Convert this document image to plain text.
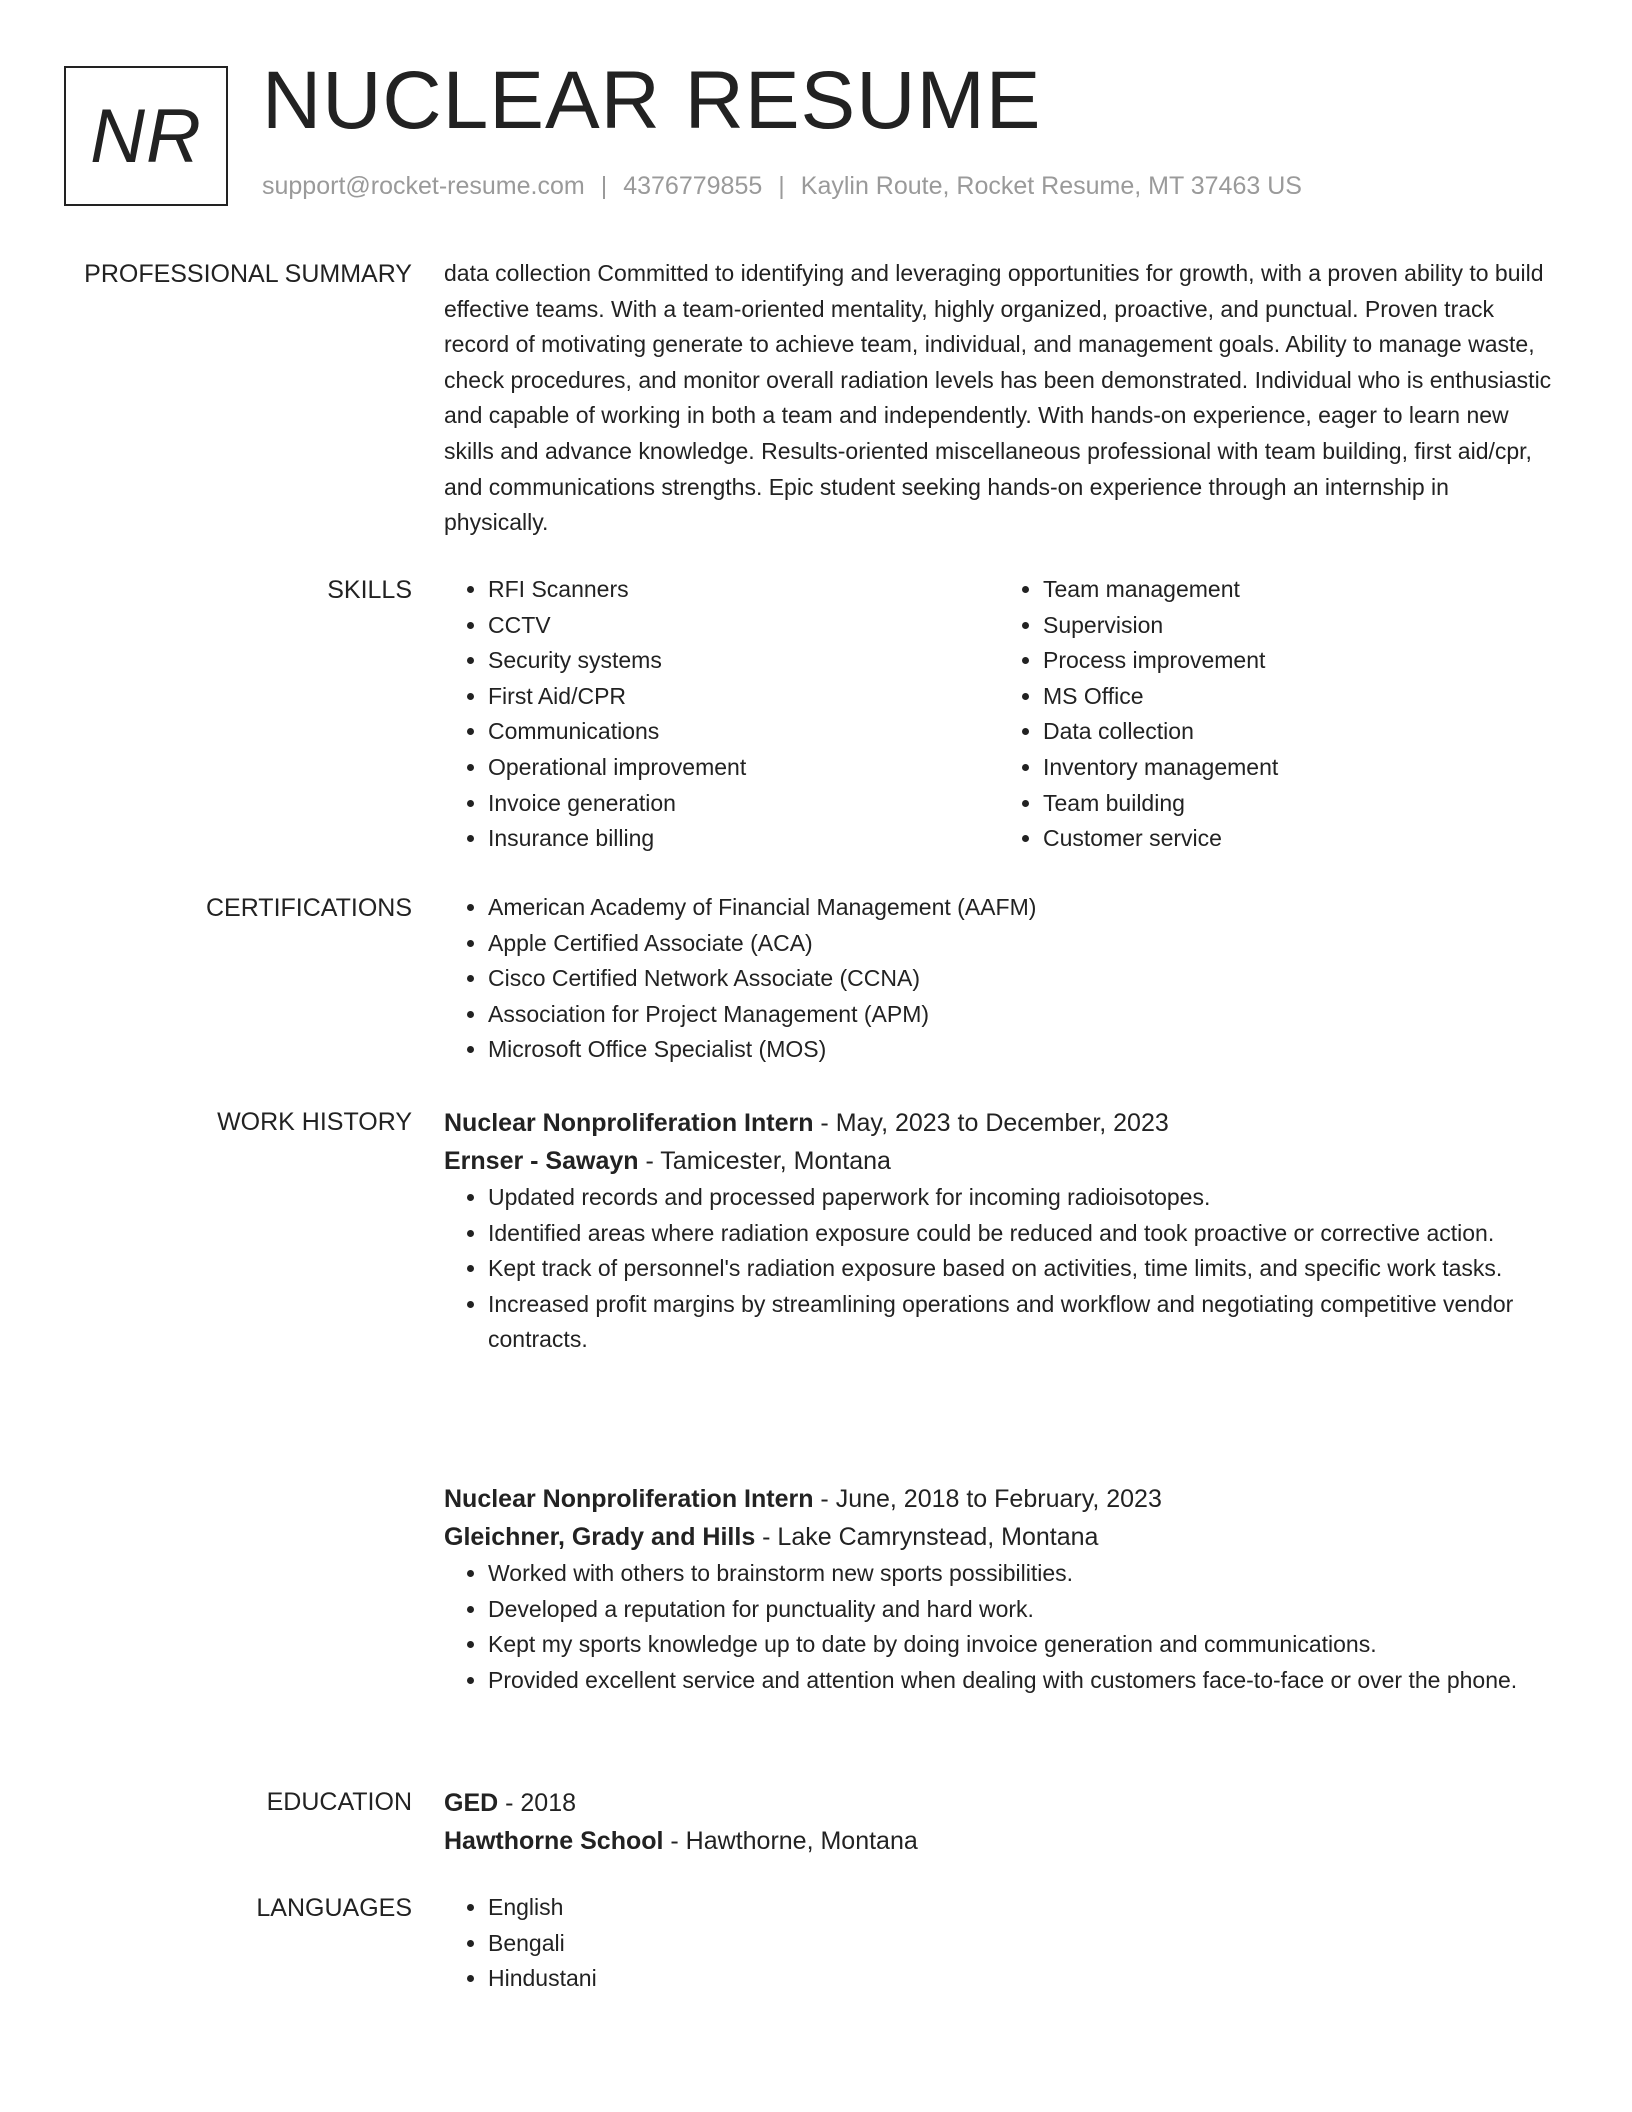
NR NUCLEAR RESUME
support@rocket-resume.com | 4376779855 | Kaylin Route, Rocket Resume, MT 37463 US
PROFESSIONAL SUMMARY data collection Committed to identifying and leveraging opportunities for growth, with a proven ability to build effective teams. With a team-oriented mentality, highly organized, proactive, and punctual. Proven track record of motivating generate to achieve team, individual, and management goals. Ability to manage waste, check procedures, and monitor overall radiation levels has been demonstrated. Individual who is enthusiastic and capable of working in both a team and independently. With hands-on experience, eager to learn new skills and advance knowledge. Results-oriented miscellaneous professional with team building, first aid/cpr, and communications strengths. Epic student seeking hands-on experience through an internship in physically.
SKILLS	• RFI Scanners
• CCTV
• Security systems
• First Aid/CPR
• Communications
• Operational improvement
• Invoice generation
• Insurance billing
• Team management
• Supervision
• Process improvement
• MS Office
• Data collection
• Inventory management
• Team building
• Customer service
CERTIFICATIONS	• American Academy of Financial Management (AAFM)
• Apple Certified Associate (ACA)
• Cisco Certified Network Associate (CCNA)
• Association for Project Management (APM)
• Microsoft Office Specialist (MOS)
WORK HISTORY Nuclear Nonproliferation Intern - May, 2023 to December, 2023
Ernser - Sawayn - Tamicester, Montana
• Updated records and processed paperwork for incoming radioisotopes.
• Identified areas where radiation exposure could be reduced and took proactive or corrective action.
• Kept track of personnel's radiation exposure based on activities, time limits, and specific work tasks.
• Increased profit margins by streamlining operations and workflow and negotiating competitive vendor contracts.
Nuclear Nonproliferation Intern - June, 2018 to February, 2023
Gleichner, Grady and Hills - Lake Camrynstead, Montana
• Worked with others to brainstorm new sports possibilities.
• Developed a reputation for punctuality and hard work.
• Kept my sports knowledge up to date by doing invoice generation and communications.
• Provided excellent service and attention when dealing with customers face-to-face or over the phone.
EDUCATION GED - 2018
Hawthorne School - Hawthorne, Montana
LANGUAGES	• English
• Bengali
• Hindustani
